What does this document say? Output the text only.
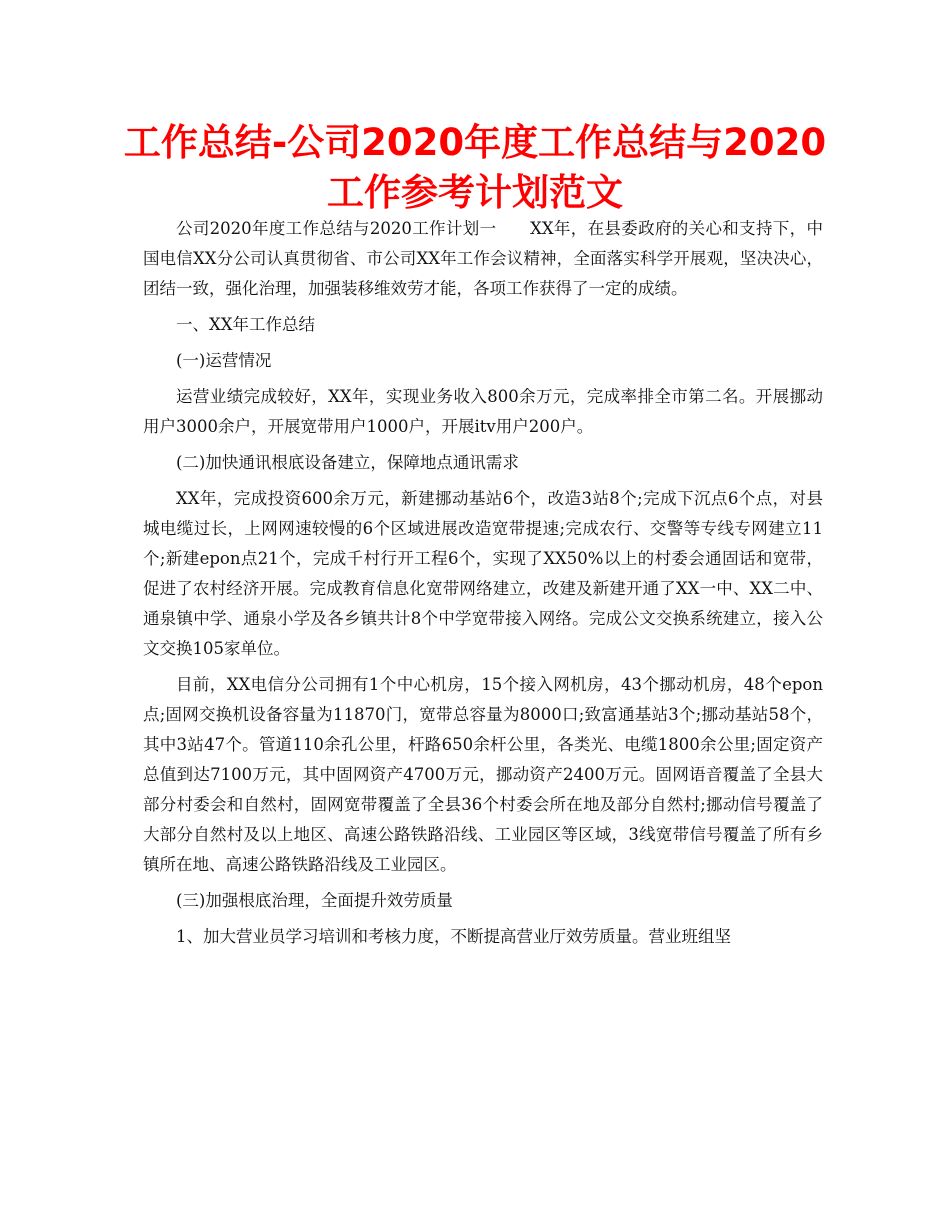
工作总结-公司2020年度工作总结与2020工作参考计划范文

公司2020年度工作总结与2020工作计划一　　XX年，在县委政府的关心和支持下，中国电信XX分公司认真贯彻省、市公司XX年工作会议精神，全面落实科学开展观，坚决决心，团结一致，强化治理，加强装移维效劳才能，各项工作获得了一定的成绩。

一、XX年工作总结

(一)运营情况

运营业绩完成较好，XX年，实现业务收入800余万元，完成率排全市第二名。开展挪动用户3000余户，开展宽带用户1000户，开展itv用户200户。

(二)加快通讯根底设备建立，保障地点通讯需求

XX年，完成投资600余万元，新建挪动基站6个，改造3站8个;完成下沉点6个点，对县城电缆过长，上网网速较慢的6个区域进展改造宽带提速;完成农行、交警等专线专网建立11个;新建epon点21个，完成千村行开工程6个，实现了XX50%以上的村委会通固话和宽带，促进了农村经济开展。完成教育信息化宽带网络建立，改建及新建开通了XX一中、XX二中、通泉镇中学、通泉小学及各乡镇共计8个中学宽带接入网络。完成公文交换系统建立，接入公文交换105家单位。

目前，XX电信分公司拥有1个中心机房，15个接入网机房，43个挪动机房，48个epon点;固网交换机设备容量为11870门，宽带总容量为8000口;致富通基站3个;挪动基站58个，其中3站47个。管道110余孔公里，杆路650余杆公里，各类光、电缆1800余公里;固定资产总值到达7100万元，其中固网资产4700万元，挪动资产2400万元。固网语音覆盖了全县大部分村委会和自然村，固网宽带覆盖了全县36个村委会所在地及部分自然村;挪动信号覆盖了大部分自然村及以上地区、高速公路铁路沿线、工业园区等区域，3线宽带信号覆盖了所有乡镇所在地、高速公路铁路沿线及工业园区。

(三)加强根底治理，全面提升效劳质量

1、加大营业员学习培训和考核力度，不断提高营业厅效劳质量。营业班组坚
